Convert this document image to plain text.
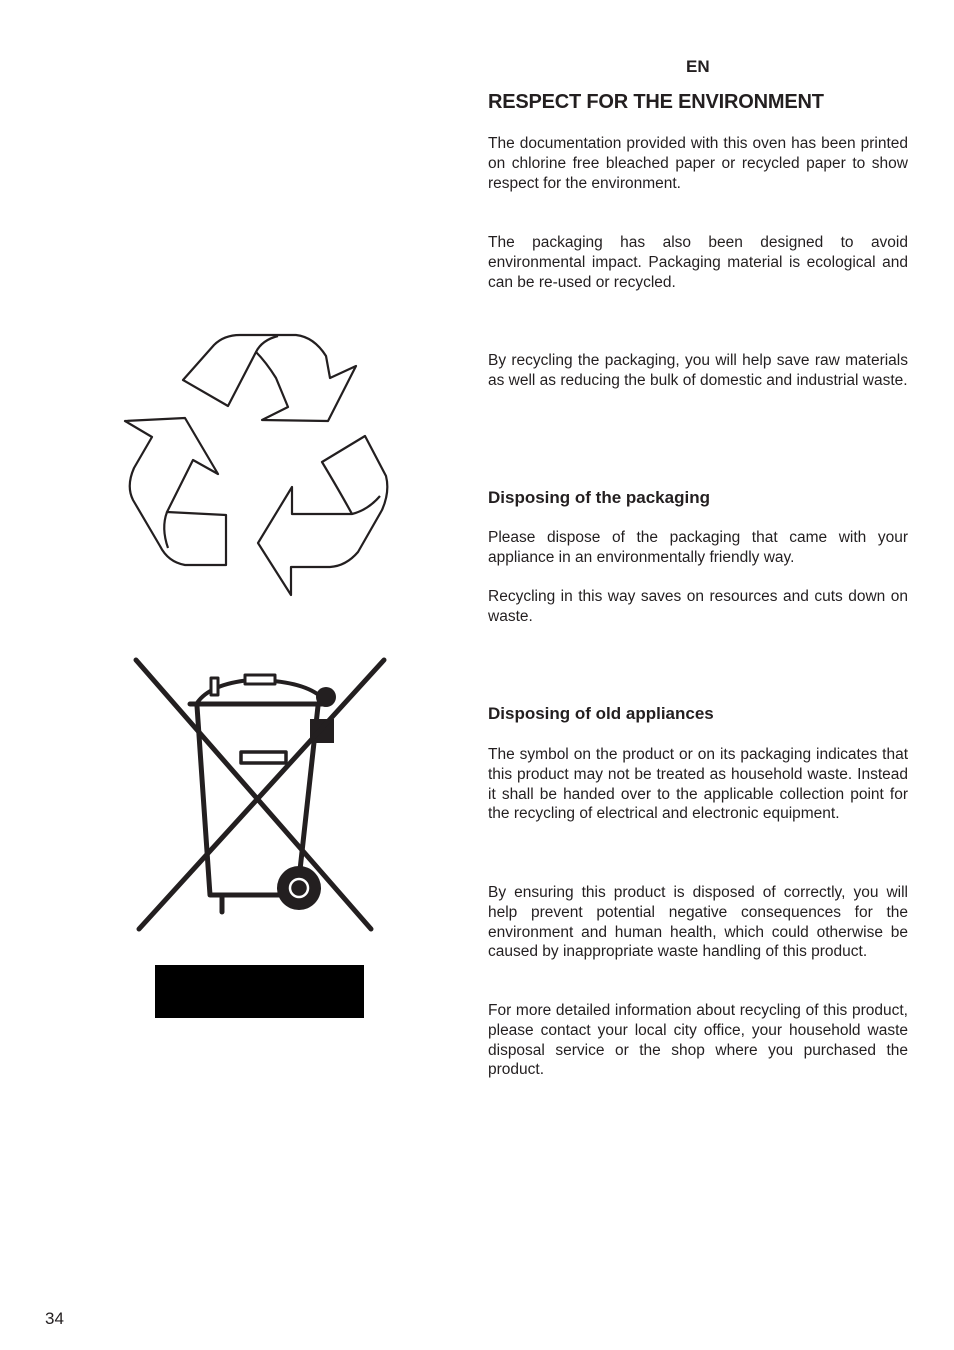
EN
RESPECT FOR THE ENVIRONMENT

The documentation provided with this oven has been printed on chlorine free bleached paper or recycled paper to show respect for the environment.

The packaging has also been designed to avoid environmental impact. Packaging material is ecological and can be re-used or recycled.

By recycling the packaging, you will help save raw materials as well as reducing the bulk of domestic and industrial waste.

Disposing of the packaging

Please dispose of the packaging that came with your appliance in an environmentally friendly way.

Recycling in this way saves on resources and cuts down on waste.

Disposing of old appliances

The symbol on the product or on its packaging indicates that this product may not be treated as household waste. Instead it shall be handed over to the applicable collection point for the recycling of electrical and electronic equipment.

By ensuring this product is disposed of correctly, you will help prevent potential negative consequences for the environment and human health, which could otherwise be caused by inappropriate waste handling of this product.

For more detailed information about recycling of this product, please contact your local city office, your household waste disposal service or the shop where you purchased the product.

34
